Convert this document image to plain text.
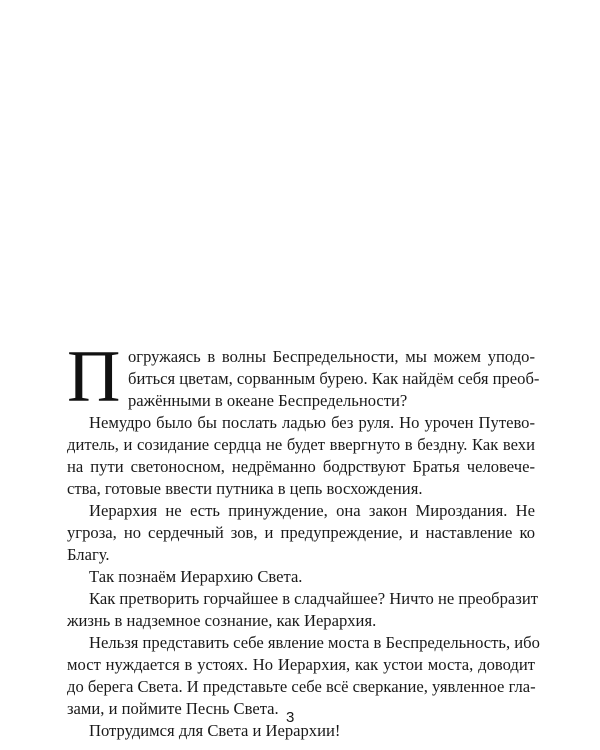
П огружаясь в волны Беспредельности, мы можем уподо-
биться цветам, сорванным бурею. Как найдём себя преоб-
ражёнными в океане Беспредельности?
Немудро было бы послать ладью без руля. Но урочен Путево-
дитель, и созидание сердца не будет ввергнуто в бездну. Как вехи
на пути светоносном, недрёманно бодрствуют Братья человече-
ства, готовые ввести путника в цепь восхождения.
Иерархия не есть принуждение, она закон Мироздания. Не
угроза, но сердечный зов, и предупреждение, и наставление ко
Благу.
Так познаём Иерархию Света.
Как претворить горчайшее в сладчайшее? Ничто не преобразит
жизнь в надземное сознание, как Иерархия.
Нельзя представить себе явление моста в Беспредельность, ибо
мост нуждается в устоях. Но Иерархия, как устои моста, доводит
до берега Света. И представьте себе всё сверкание, уявленное гла-
зами, и поймите Песнь Света.
Потрудимся для Света и Иерархии!
3
